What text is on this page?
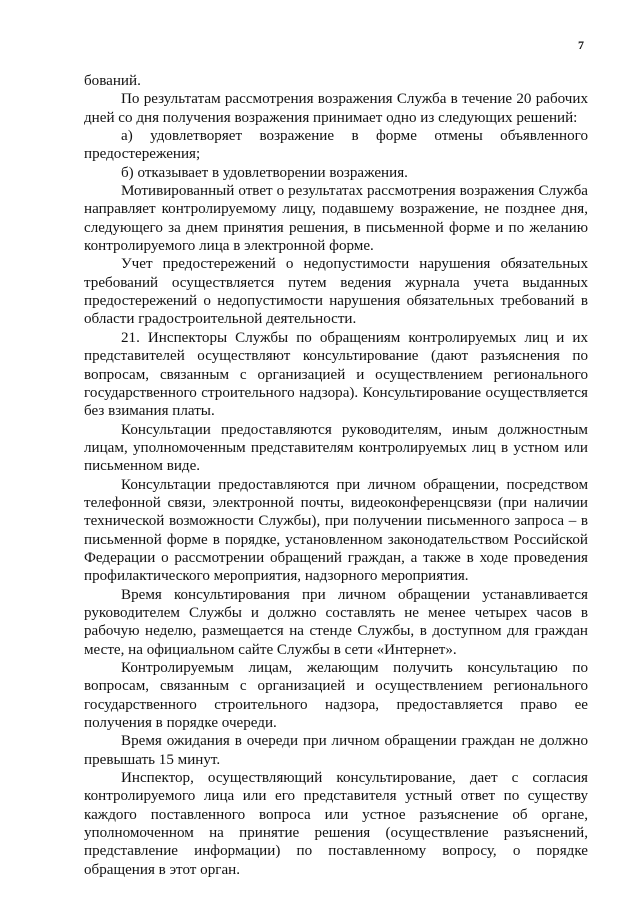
7

бований.

По результатам рассмотрения возражения Служба в течение 20 рабочих дней со дня получения возражения принимает одно из следующих решений:

а) удовлетворяет возражение в форме отмены объявленного предостережения;

б) отказывает в удовлетворении возражения.

Мотивированный ответ о результатах рассмотрения возражения Служба направляет контролируемому лицу, подавшему возражение, не позднее дня, следующего за днем принятия решения, в письменной форме и по желанию контролируемого лица в электронной форме.

Учет предостережений о недопустимости нарушения обязательных требований осуществляется путем ведения журнала учета выданных предостережений о недопустимости нарушения обязательных требований в области градостроительной деятельности.

21. Инспекторы Службы по обращениям контролируемых лиц и их представителей осуществляют консультирование (дают разъяснения по вопросам, связанным с организацией и осуществлением регионального государственного строительного надзора). Консультирование осуществляется без взимания платы.

Консультации предоставляются руководителям, иным должностным лицам, уполномоченным представителям контролируемых лиц в устном или письменном виде.

Консультации предоставляются при личном обращении, посредством телефонной связи, электронной почты, видеоконференцсвязи (при наличии технической возможности Службы), при получении письменного запроса – в письменной форме в порядке, установленном законодательством Российской Федерации о рассмотрении обращений граждан, а также в ходе проведения профилактического мероприятия, надзорного мероприятия.

Время консультирования при личном обращении устанавливается руководителем Службы и должно составлять не менее четырех часов в рабочую неделю, размещается на стенде Службы, в доступном для граждан месте, на официальном сайте Службы в сети «Интернет».

Контролируемым лицам, желающим получить консультацию по вопросам, связанным с организацией и осуществлением регионального государственного строительного надзора, предоставляется право ее получения в порядке очереди.

Время ожидания в очереди при личном обращении граждан не должно превышать 15 минут.

Инспектор, осуществляющий консультирование, дает с согласия контролируемого лица или его представителя устный ответ по существу каждого поставленного вопроса или устное разъяснение об органе, уполномоченном на принятие решения (осуществление разъяснений, представление информации) по поставленному вопросу, о порядке обращения в этот орган.
